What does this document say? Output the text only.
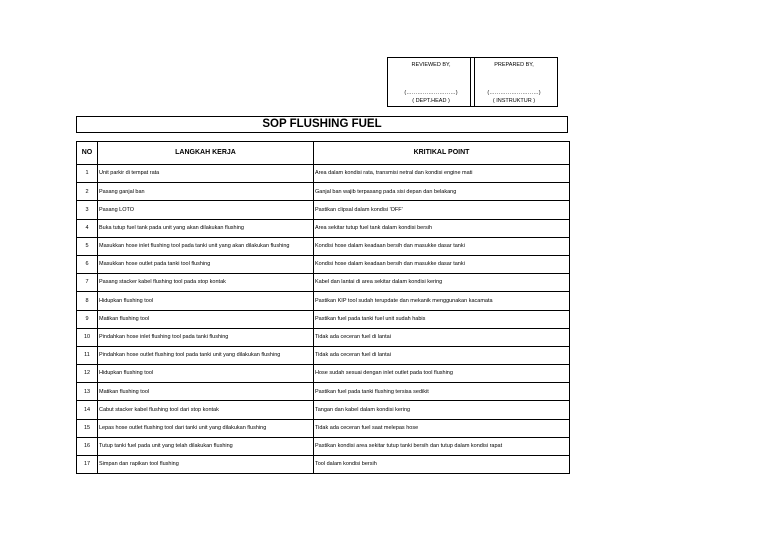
REVIEWED BY,
(………………………)
( DEPT.HEAD )
PREPARED BY,
(………………………)
( INSTRUKTUR )
SOP FLUSHING FUEL
NO	LANGKAH KERJA	KRITIKAL POINT
1	Unit parkir di tempat rata	Area dalam kondisi rata, transmisi netral dan kondisi engine mati
2	Pasang ganjal ban	Ganjal ban wajib terpasang pada sisi depan dan belakang
3	Pasang LOTO	Pastikan clipsal dalam kondisi 'OFF'
4	Buka tutup fuel tank pada unit yang akan dilakukan flushing	Area sekitar tutup fuel tank dalam kondisi bersih
5	Masukkan hose inlet flushing tool pada tanki unit yang akan dilakukan flushing	Kondisi hose dalam keadaan bersih dan masukke dasar tanki
6	Masukkan hose outlet pada tanki tool flushing	Kondisi hose dalam keadaan bersih dan masukke dasar tanki
7	Pasang stacker kabel flushing tool pada stop kontak	Kabel dan lantai di area sekitar dalam kondisi kering
8	Hidupkan flushing tool	Pastikan KIP tool sudah terupdate dan mekanik menggunakan kacamata
9	Matikan flushing tool	Pastikan fuel pada tanki fuel unit sudah habis
10	Pindahkan hose inlet flushing tool pada tanki flushing	Tidak ada ceceran fuel di lantai
11	Pindahkan hose outlet flushing tool pada tanki unit yang dilakukan flushing	Tidak ada ceceran fuel di lantai
12	Hidupkan flushing tool	Hose sudah sesuai dengan inlet outlet pada tool flushing
13	Matikan flushing tool	Pastikan fuel pada tanki flushing tersisa sedikit
14	Cabut stacker kabel flushing tool dari stop kontak	Tangan dan kabel dalam kondisi kering
15	Lepas hose outlet flushing tool dari tanki unit yang dilakukan flushing	Tidak ada ceceran fuel saat melepas hose
16	Tutup tanki fuel pada unit yang telah dilakukan flushing	Pastikan kondisi area sekitar tutup tanki bersih dan tutup dalam kondisi rapat
17	Simpan dan rapikan tool flushing	Tool dalam kondisi bersih
